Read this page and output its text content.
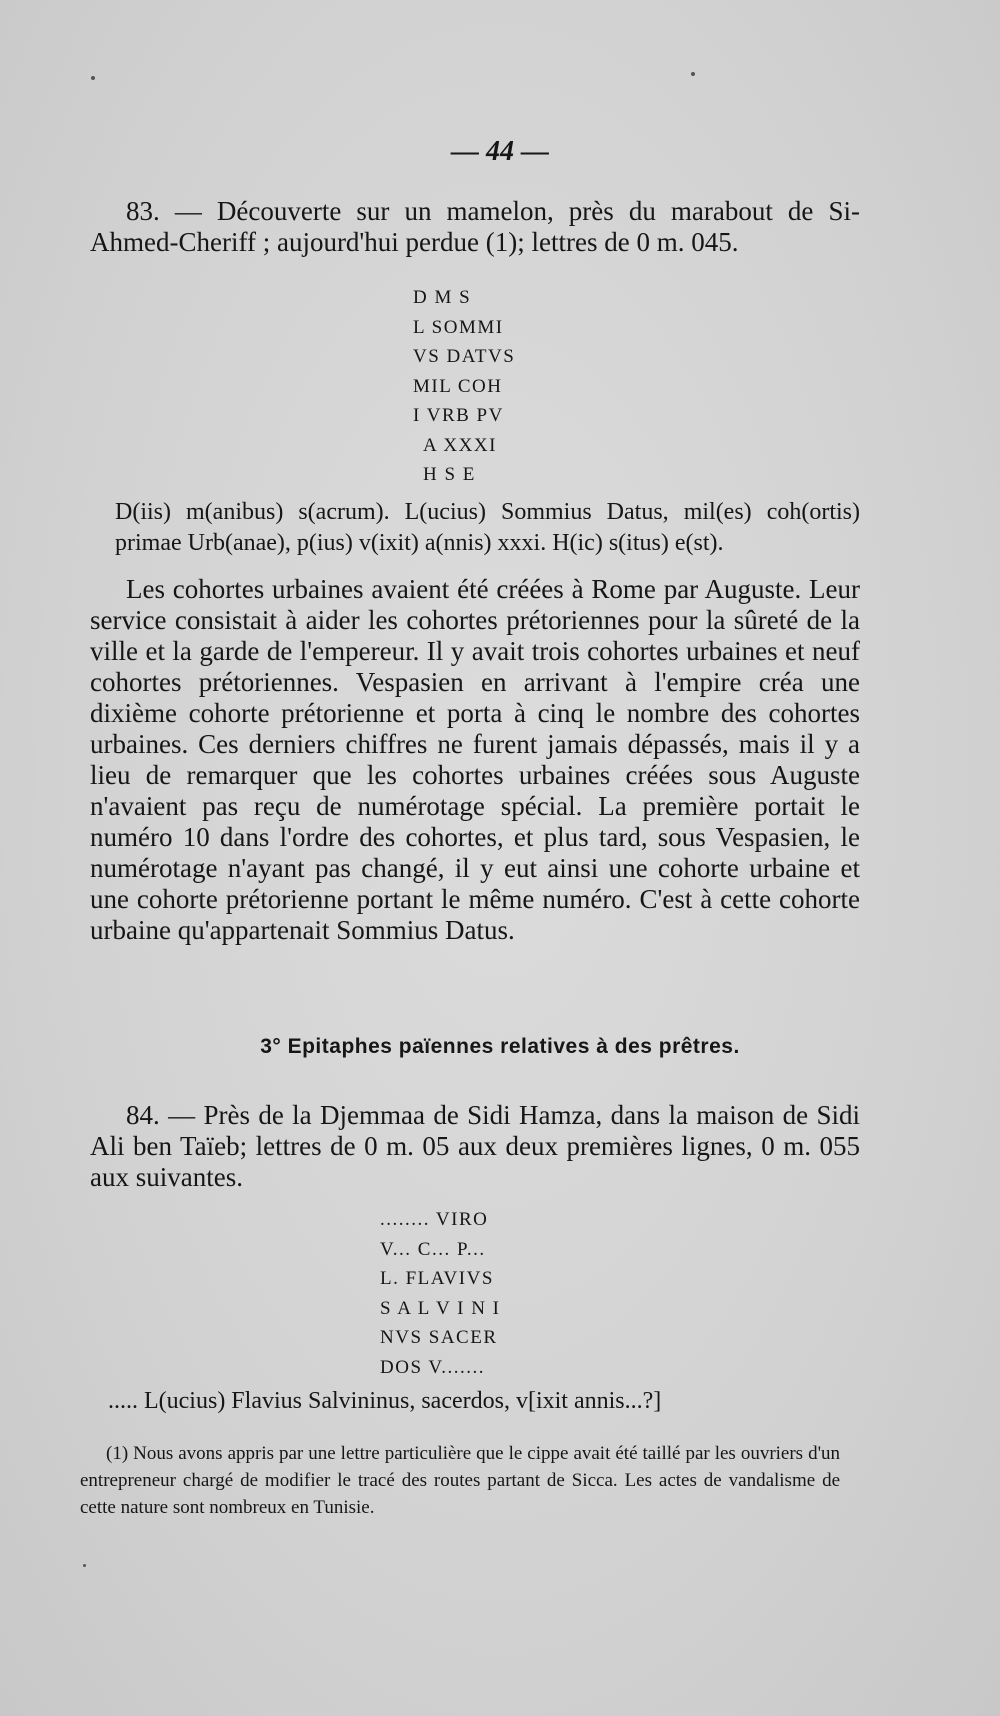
— 44 —

83. — Découverte sur un mamelon, près du marabout de Si-Ahmed-Cheriff ; aujourd'hui perdue (1); lettres de 0 m. 045.

D M S
L SOMMI
VS DATVS
MIL COH
I VRB PV
A XXXI
H S E

D(iis) m(anibus) s(acrum). L(ucius) Sommius Datus, mil(es) coh(ortis) primae Urb(anae), p(ius) v(ixit) a(nnis) xxxi. H(ic) s(itus) e(st).

Les cohortes urbaines avaient été créées à Rome par Auguste. Leur service consistait à aider les cohortes prétoriennes pour la sûreté de la ville et la garde de l'empereur. Il y avait trois cohortes urbaines et neuf cohortes prétoriennes. Vespasien en arrivant à l'empire créa une dixième cohorte prétorienne et porta à cinq le nombre des cohortes urbaines. Ces derniers chiffres ne furent jamais dépassés, mais il y a lieu de remarquer que les cohortes urbaines créées sous Auguste n'avaient pas reçu de numérotage spécial. La première portait le numéro 10 dans l'ordre des cohortes, et plus tard, sous Vespasien, le numérotage n'ayant pas changé, il y eut ainsi une cohorte urbaine et une cohorte prétorienne portant le même numéro. C'est à cette cohorte urbaine qu'appartenait Sommius Datus.

3° Epitaphes païennes relatives à des prêtres.

84. — Près de la Djemmaa de Sidi Hamza, dans la maison de Sidi Ali ben Taïeb; lettres de 0 m. 05 aux deux premières lignes, 0 m. 055 aux suivantes.

........ VIRO
V... C... P...
L. FLAVIVS
S A L V I N I
NVS SACER
DOS V.......

..... L(ucius) Flavius Salvininus, sacerdos, v[ixit annis...?]

(1) Nous avons appris par une lettre particulière que le cippe avait été taillé par les ouvriers d'un entrepreneur chargé de modifier le tracé des routes partant de Sicca. Les actes de vandalisme de cette nature sont nombreux en Tunisie.
